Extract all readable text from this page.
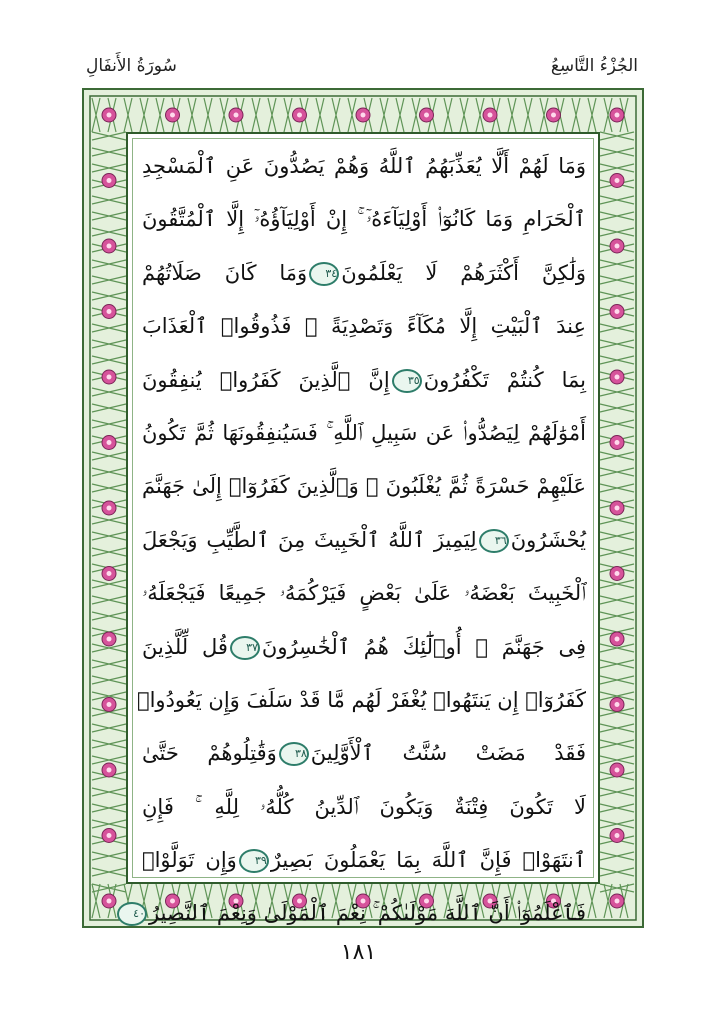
سُورَةُ الأَنفَالِ	الجُزْءُ التَّاسِعُ
وَمَا لَهُمْ أَلَّا يُعَذِّبَهُمُ ٱللَّهُ وَهُمْ يَصُدُّونَ عَنِ ٱلْمَسْجِدِ
ٱلْحَرَامِ وَمَا كَانُوٓا۟ أَوْلِيَآءَهُۥٓ ۚ إِنْ أَوْلِيَآؤُهُۥٓ إِلَّا ٱلْمُتَّقُونَ
وَلَٰكِنَّ أَكْثَرَهُمْ لَا يَعْلَمُونَ٣٤وَمَا كَانَ صَلَاتُهُمْ
عِندَ ٱلْبَيْتِ إِلَّا مُكَآءً وَتَصْدِيَةً ۚ فَذُوقُوا۟ ٱلْعَذَابَ
بِمَا كُنتُمْ تَكْفُرُونَ٣٥إِنَّ ٱلَّذِينَ كَفَرُوا۟ يُنفِقُونَ
أَمْوَٰلَهُمْ لِيَصُدُّوا۟ عَن سَبِيلِ ٱللَّهِ ۚ فَسَيُنفِقُونَهَا ثُمَّ تَكُونُ
عَلَيْهِمْ حَسْرَةً ثُمَّ يُغْلَبُونَ ۗ وَٱلَّذِينَ كَفَرُوٓا۟ إِلَىٰ جَهَنَّمَ
يُحْشَرُونَ٣٦لِيَمِيزَ ٱللَّهُ ٱلْخَبِيثَ مِنَ ٱلطَّيِّبِ وَيَجْعَلَ
ٱلْخَبِيثَ بَعْضَهُۥ عَلَىٰ بَعْضٍ فَيَرْكُمَهُۥ جَمِيعًا فَيَجْعَلَهُۥ
فِى جَهَنَّمَ ۚ أُو۟لَٰٓئِكَ هُمُ ٱلْخَٰسِرُونَ٣٧قُل لِّلَّذِينَ
كَفَرُوٓا۟ إِن يَنتَهُوا۟ يُغْفَرْ لَهُم مَّا قَدْ سَلَفَ وَإِن يَعُودُوا۟
فَقَدْ مَضَتْ سُنَّتُ ٱلْأَوَّلِينَ٣٨وَقَٰتِلُوهُمْ حَتَّىٰ
لَا تَكُونَ فِتْنَةٌ وَيَكُونَ ٱلدِّينُ كُلُّهُۥ لِلَّهِ ۚ فَإِنِ
ٱنتَهَوْا۟ فَإِنَّ ٱللَّهَ بِمَا يَعْمَلُونَ بَصِيرٌ٣٩وَإِن تَوَلَّوْا۟
فَٱعْلَمُوٓا۟ أَنَّ ٱللَّهَ مَوْلَىٰكُمْ ۚ نِعْمَ ٱلْمَوْلَىٰ وَنِعْمَ ٱلنَّصِيرُ٤٠
١٨١
